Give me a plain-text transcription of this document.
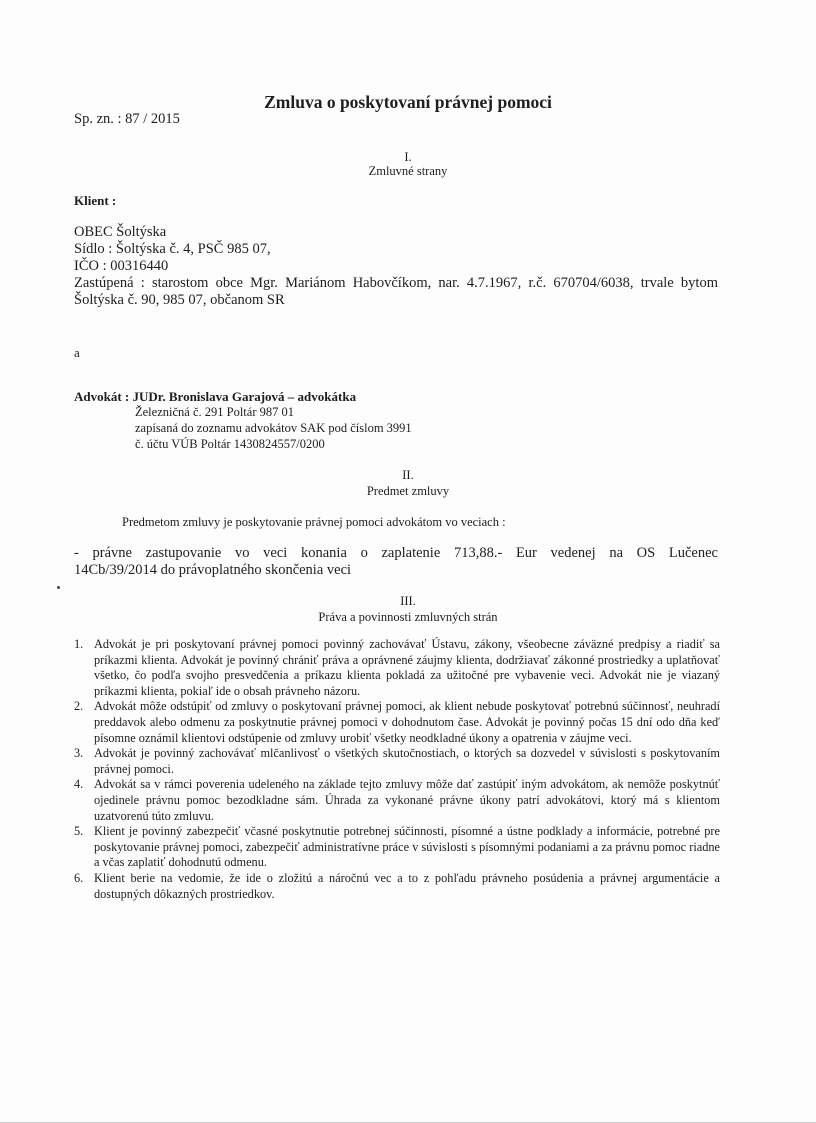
Zmluva o poskytovaní právnej pomoci
Sp. zn. : 87 / 2015
I.
Zmluvné strany
Klient :
OBEC Šoltýska
Sídlo : Šoltýska č. 4, PSČ 985 07,
IČO : 00316440
Zastúpená : starostom obce Mgr. Mariánom Habovčíkom, nar. 4.7.1967, r.č. 670704/6038, trvale bytom
Šoltýska č. 90, 985 07, občanom SR
a
Advokát : JUDr. Bronislava Garajová – advokátka
Železničná č. 291 Poltár 987 01
zapísaná do zoznamu advokátov SAK pod číslom 3991
č. účtu VÚB Poltár 1430824557/0200
II.
Predmet zmluvy
Predmetom zmluvy je poskytovanie právnej pomoci advokátom vo veciach :
- právne zastupovanie vo veci konania o zaplatenie 713,88.- Eur vedenej na OS Lučenec
14Cb/39/2014 do právoplatného skončenia veci
III.
Práva a povinnosti zmluvných strán
1. Advokát je pri poskytovaní právnej pomoci povinný zachovávať Ústavu, zákony, všeobecne záväzné predpisy a riadiť sa príkazmi klienta. Advokát je povinný chrániť práva a oprávnené záujmy klienta, dodržiavať zákonné prostriedky a uplatňovať všetko, čo podľa svojho presvedčenia a príkazu klienta pokladá za užitočné pre vybavenie veci. Advokát nie je viazaný príkazmi klienta, pokiaľ ide o obsah právneho názoru.
2. Advokát môže odstúpiť od zmluvy o poskytovaní právnej pomoci, ak klient nebude poskytovať potrebnú súčinnosť, neuhradí preddavok alebo odmenu za poskytnutie právnej pomoci v dohodnutom čase. Advokát je povinný počas 15 dní odo dňa keď písomne oznámil klientovi odstúpenie od zmluvy urobiť všetky neodkladné úkony a opatrenia v záujme veci.
3. Advokát je povinný zachovávať mlčanlivosť o všetkých skutočnostiach, o ktorých sa dozvedel v súvislosti s poskytovaním právnej pomoci.
4. Advokát sa v rámci poverenia udeleného na základe tejto zmluvy môže dať zastúpiť iným advokátom, ak nemôže poskytnúť ojedinele právnu pomoc bezodkladne sám. Úhrada za vykonané právne úkony patrí advokátovi, ktorý má s klientom uzatvorenú túto zmluvu.
5. Klient je povinný zabezpečiť včasné poskytnutie potrebnej súčinnosti, písomné a ústne podklady a informácie, potrebné pre poskytovanie právnej pomoci, zabezpečiť administratívne práce v súvislosti s písomnými podaniami a za právnu pomoc riadne a včas zaplatiť dohodnutú odmenu.
6. Klient berie na vedomie, že ide o zložitú a náročnú vec a to z pohľadu právneho posúdenia a právnej argumentácie a dostupných dôkazných prostriedkov.
